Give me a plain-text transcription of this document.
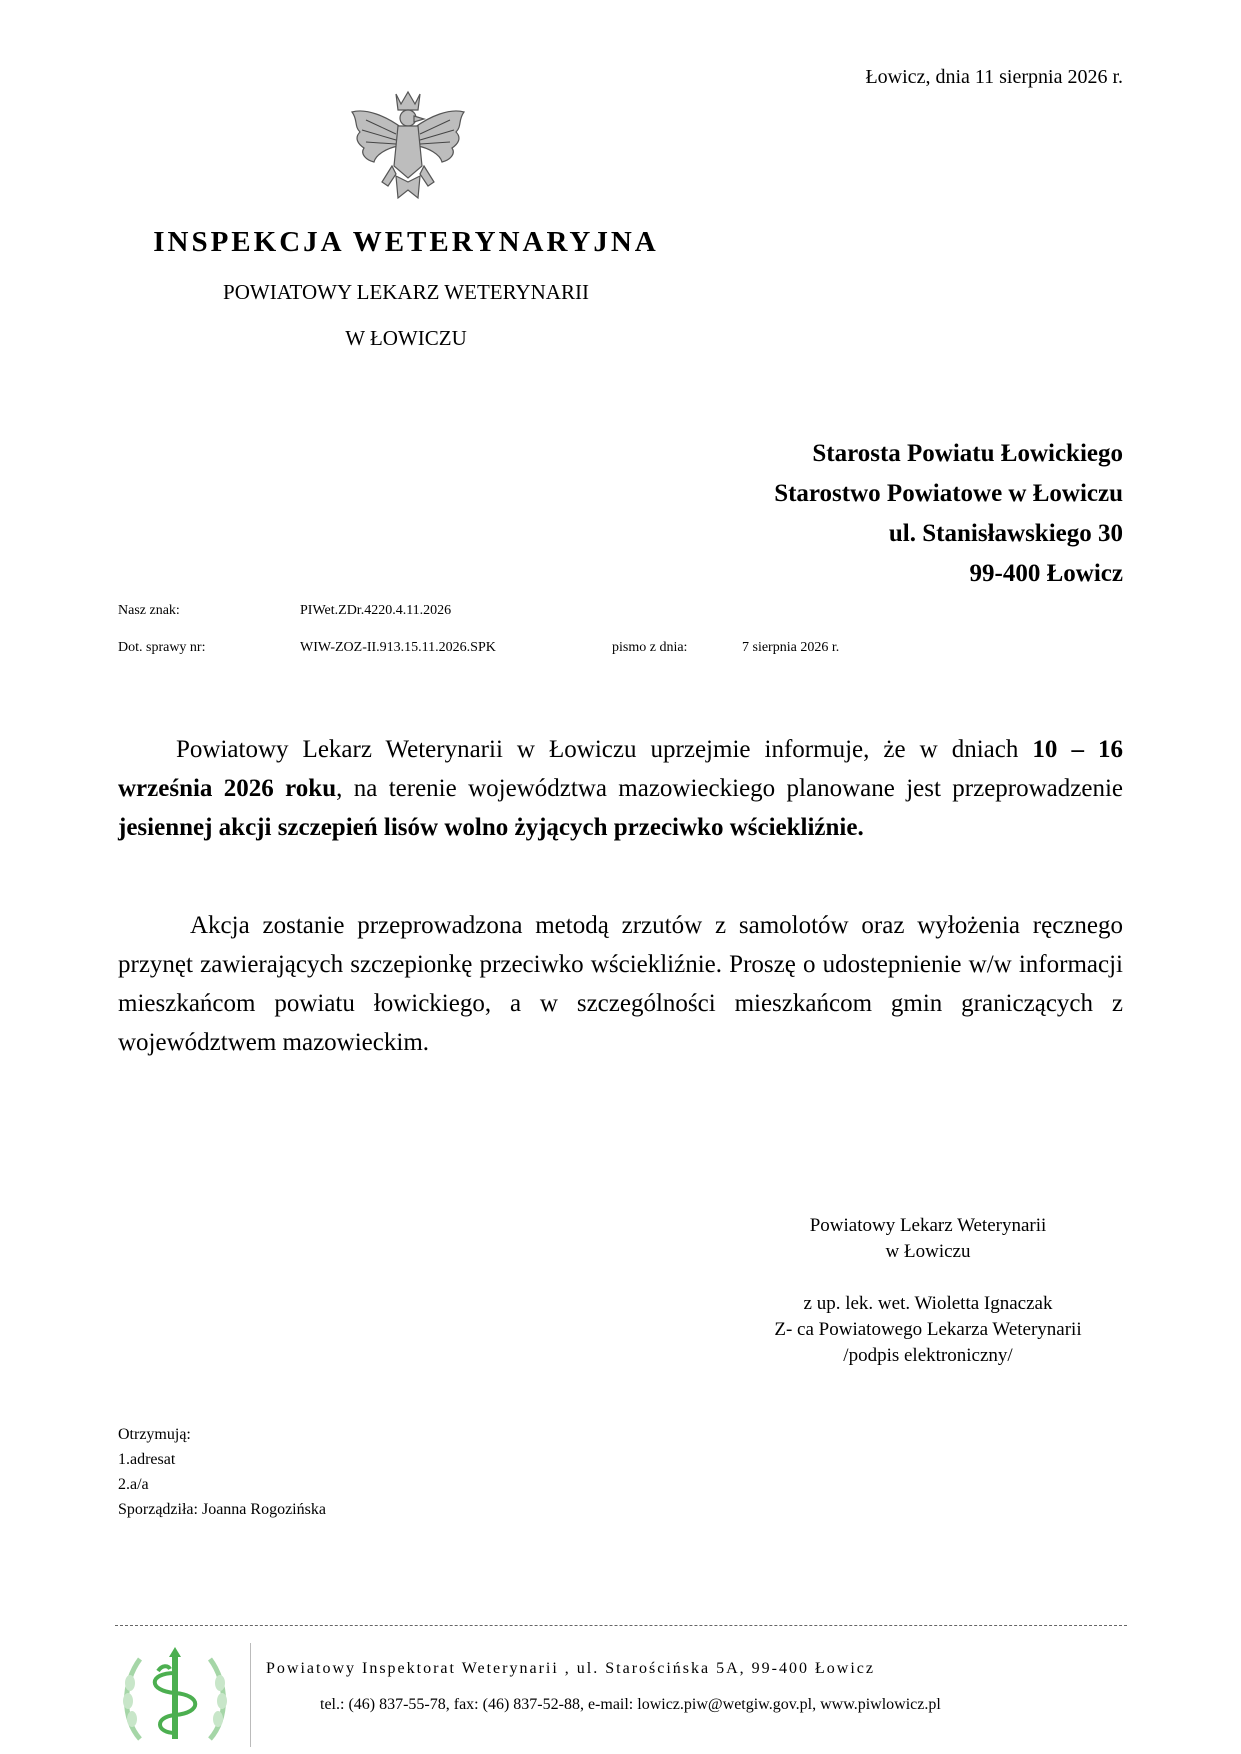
Łowicz, dnia 11 sierpnia 2026 r.
INSPEKCJA WETERYNARYJNA
POWIATOWY LEKARZ WETERYNARII
W ŁOWICZU
Starosta Powiatu Łowickiego
Starostwo Powiatowe w Łowiczu
ul. Stanisławskiego 30
99-400 Łowicz
Nasz znak:	PIWet.ZDr.4220.4.11.2026
Dot. sprawy nr:	WIW-ZOZ-II.913.15.11.2026.SPK	pismo z dnia:	7 sierpnia 2026 r.
Powiatowy Lekarz Weterynarii w Łowiczu uprzejmie informuje, że w dniach 10 – 16 września 2026 roku, na terenie województwa mazowieckiego planowane jest przeprowadzenie jesiennej akcji szczepień lisów wolno żyjących przeciwko wściekliźnie.
Akcja zostanie przeprowadzona metodą zrzutów z samolotów oraz wyłożenia ręcznego przynęt zawierających szczepionkę przeciwko wściekliźnie. Proszę o udostepnienie w/w informacji mieszkańcom powiatu łowickiego, a w szczególności mieszkańcom gmin graniczących z województwem mazowieckim.
Powiatowy Lekarz Weterynarii
w Łowiczu
z up. lek. wet. Wioletta Ignaczak
Z- ca Powiatowego Lekarza Weterynarii
/podpis elektroniczny/
Otrzymują:
1.adresat
2.a/a
Sporządziła: Joanna Rogozińska
Powiatowy Inspektorat Weterynarii , ul. Starościńska 5A, 99-400 Łowicz
tel.: (46) 837-55-78, fax: (46) 837-52-88, e-mail: lowicz.piw@wetgiw.gov.pl, www.piwlowicz.pl
